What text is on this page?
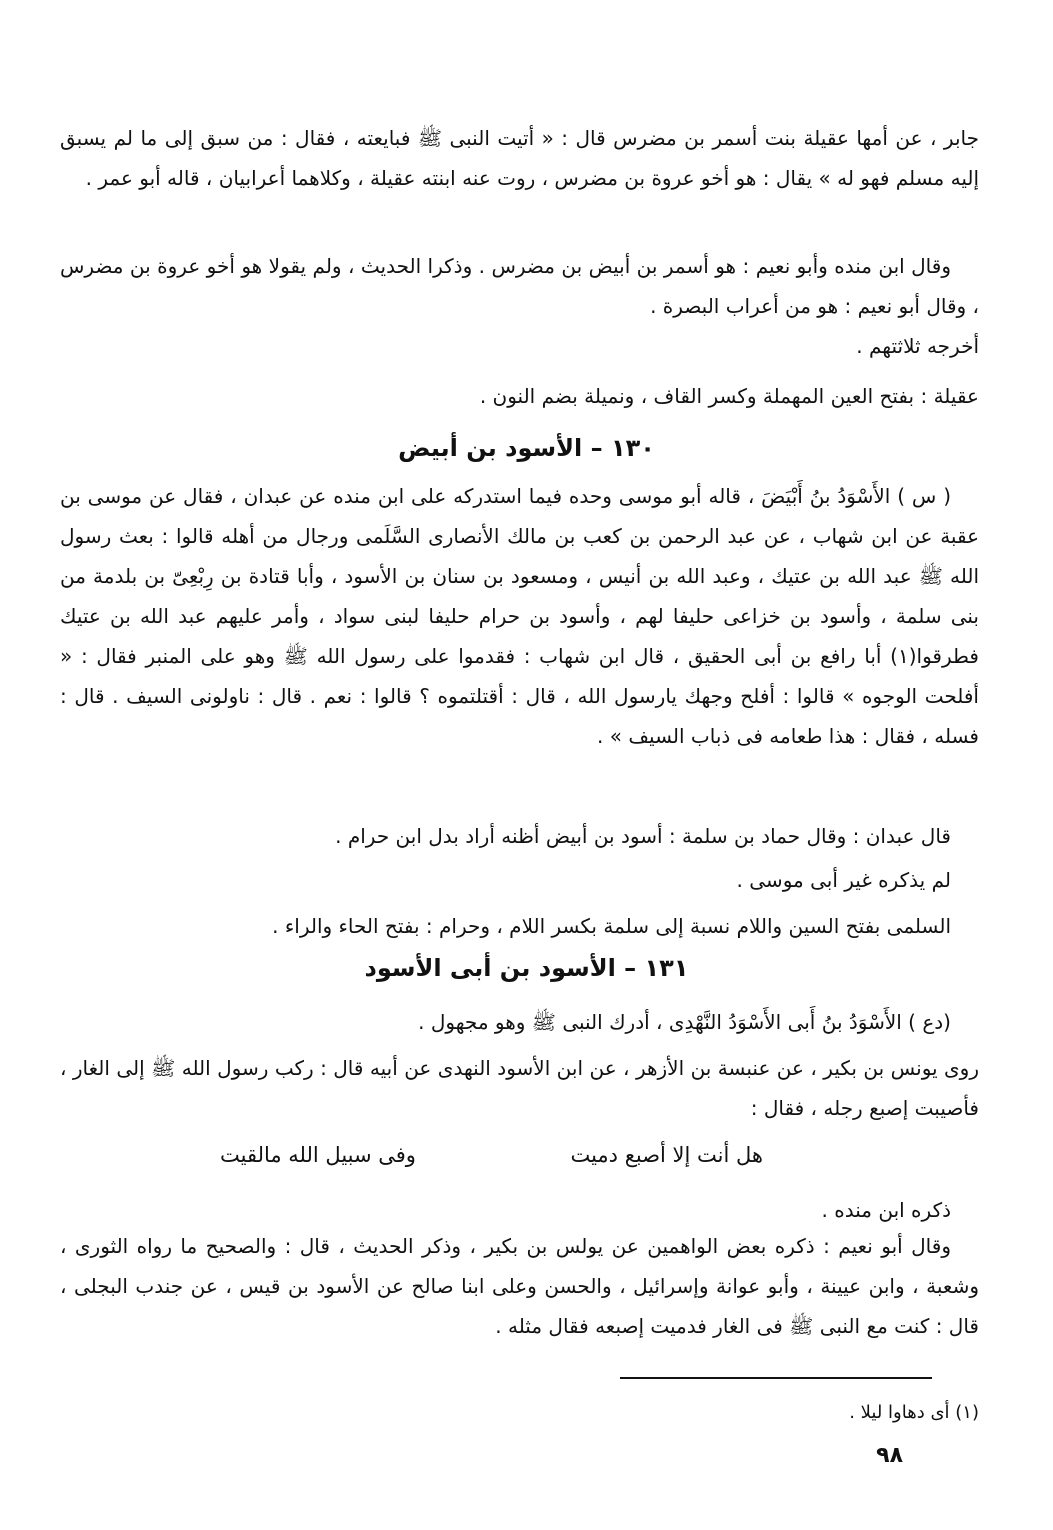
جابر ، عن أمها عقيلة بنت أسمر بن مضرس قال : « أتيت النبى ﷺ فبايعته ، فقال : من سبق إلى ما لم يسبق إليه مسلم فهو له » يقال : هو أخو عروة بن مضرس ، روت عنه ابنته عقيلة ، وكلاهما أعرابيان ، قاله أبو عمر .

وقال ابن منده وأبو نعيم : هو أسمر بن أبيض بن مضرس . وذكرا الحديث ، ولم يقولا هو أخو عروة بن مضرس ، وقال أبو نعيم : هو من أعراب البصرة .

أخرجه ثلاثتهم .

عقيلة : بفتح العين المهملة وكسر القاف ، ونميلة بضم النون .

١٣٠ – الأسود بن أبيض

( س ) الأَسْوَدُ بنُ أَبْيَضَ ، قاله أبو موسى وحده فيما استدركه على ابن منده عن عبدان ، فقال عن موسى بن عقبة عن ابن شهاب ، عن عبد الرحمن بن كعب بن مالك الأنصارى السَّلَمى ورجال من أهله قالوا : بعث رسول الله ﷺ عبد الله بن عتيك ، وعبد الله بن أنيس ، ومسعود بن سنان بن الأسود ، وأبا قتادة بن رِبْعِىّ بن بلدمة من بنى سلمة ، وأسود بن خزاعى حليفا لهم ، وأسود بن حرام حليفا لبنى سواد ، وأمر عليهم عبد الله بن عتيك فطرقوا(١) أبا رافع بن أبى الحقيق ، قال ابن شهاب : فقدموا على رسول الله ﷺ وهو على المنبر فقال : « أفلحت الوجوه » قالوا : أفلح وجهك يارسول الله ، قال : أقتلتموه ؟ قالوا : نعم . قال : ناولونى السيف . قال : فسله ، فقال : هذا طعامه فى ذباب السيف » .

قال عبدان : وقال حماد بن سلمة : أسود بن أبيض أظنه أراد بدل ابن حرام .

لم يذكره غير أبى موسى .

السلمى بفتح السين واللام نسبة إلى سلمة بكسر اللام ، وحرام : بفتح الحاء والراء .

١٣١ – الأسود بن أبى الأسود

(دع ) الأَسْوَدُ بنُ أَبى الأَسْوَدُ النَّهْدِى ، أدرك النبى ﷺ وهو مجهول .

روى يونس بن بكير ، عن عنبسة بن الأزهر ، عن ابن الأسود النهدى عن أبيه قال : ركب رسول الله ﷺ إلى الغار ، فأصيبت إصبع رجله ، فقال :

هل أنت إلا أصبع دميت
وفى سبيل الله مالقيت

ذكره ابن منده .

وقال أبو نعيم : ذكره بعض الواهمين عن يولس بن بكير ، وذكر الحديث ، قال : والصحيح ما رواه الثورى ، وشعبة ، وابن عيينة ، وأبو عوانة وإسرائيل ، والحسن وعلى ابنا صالح عن الأسود بن قيس ، عن جندب البجلى ، قال : كنت مع النبى ﷺ فى الغار فدميت إصبعه فقال مثله .

(١) أى دهاوا ليلا .
٩٨
